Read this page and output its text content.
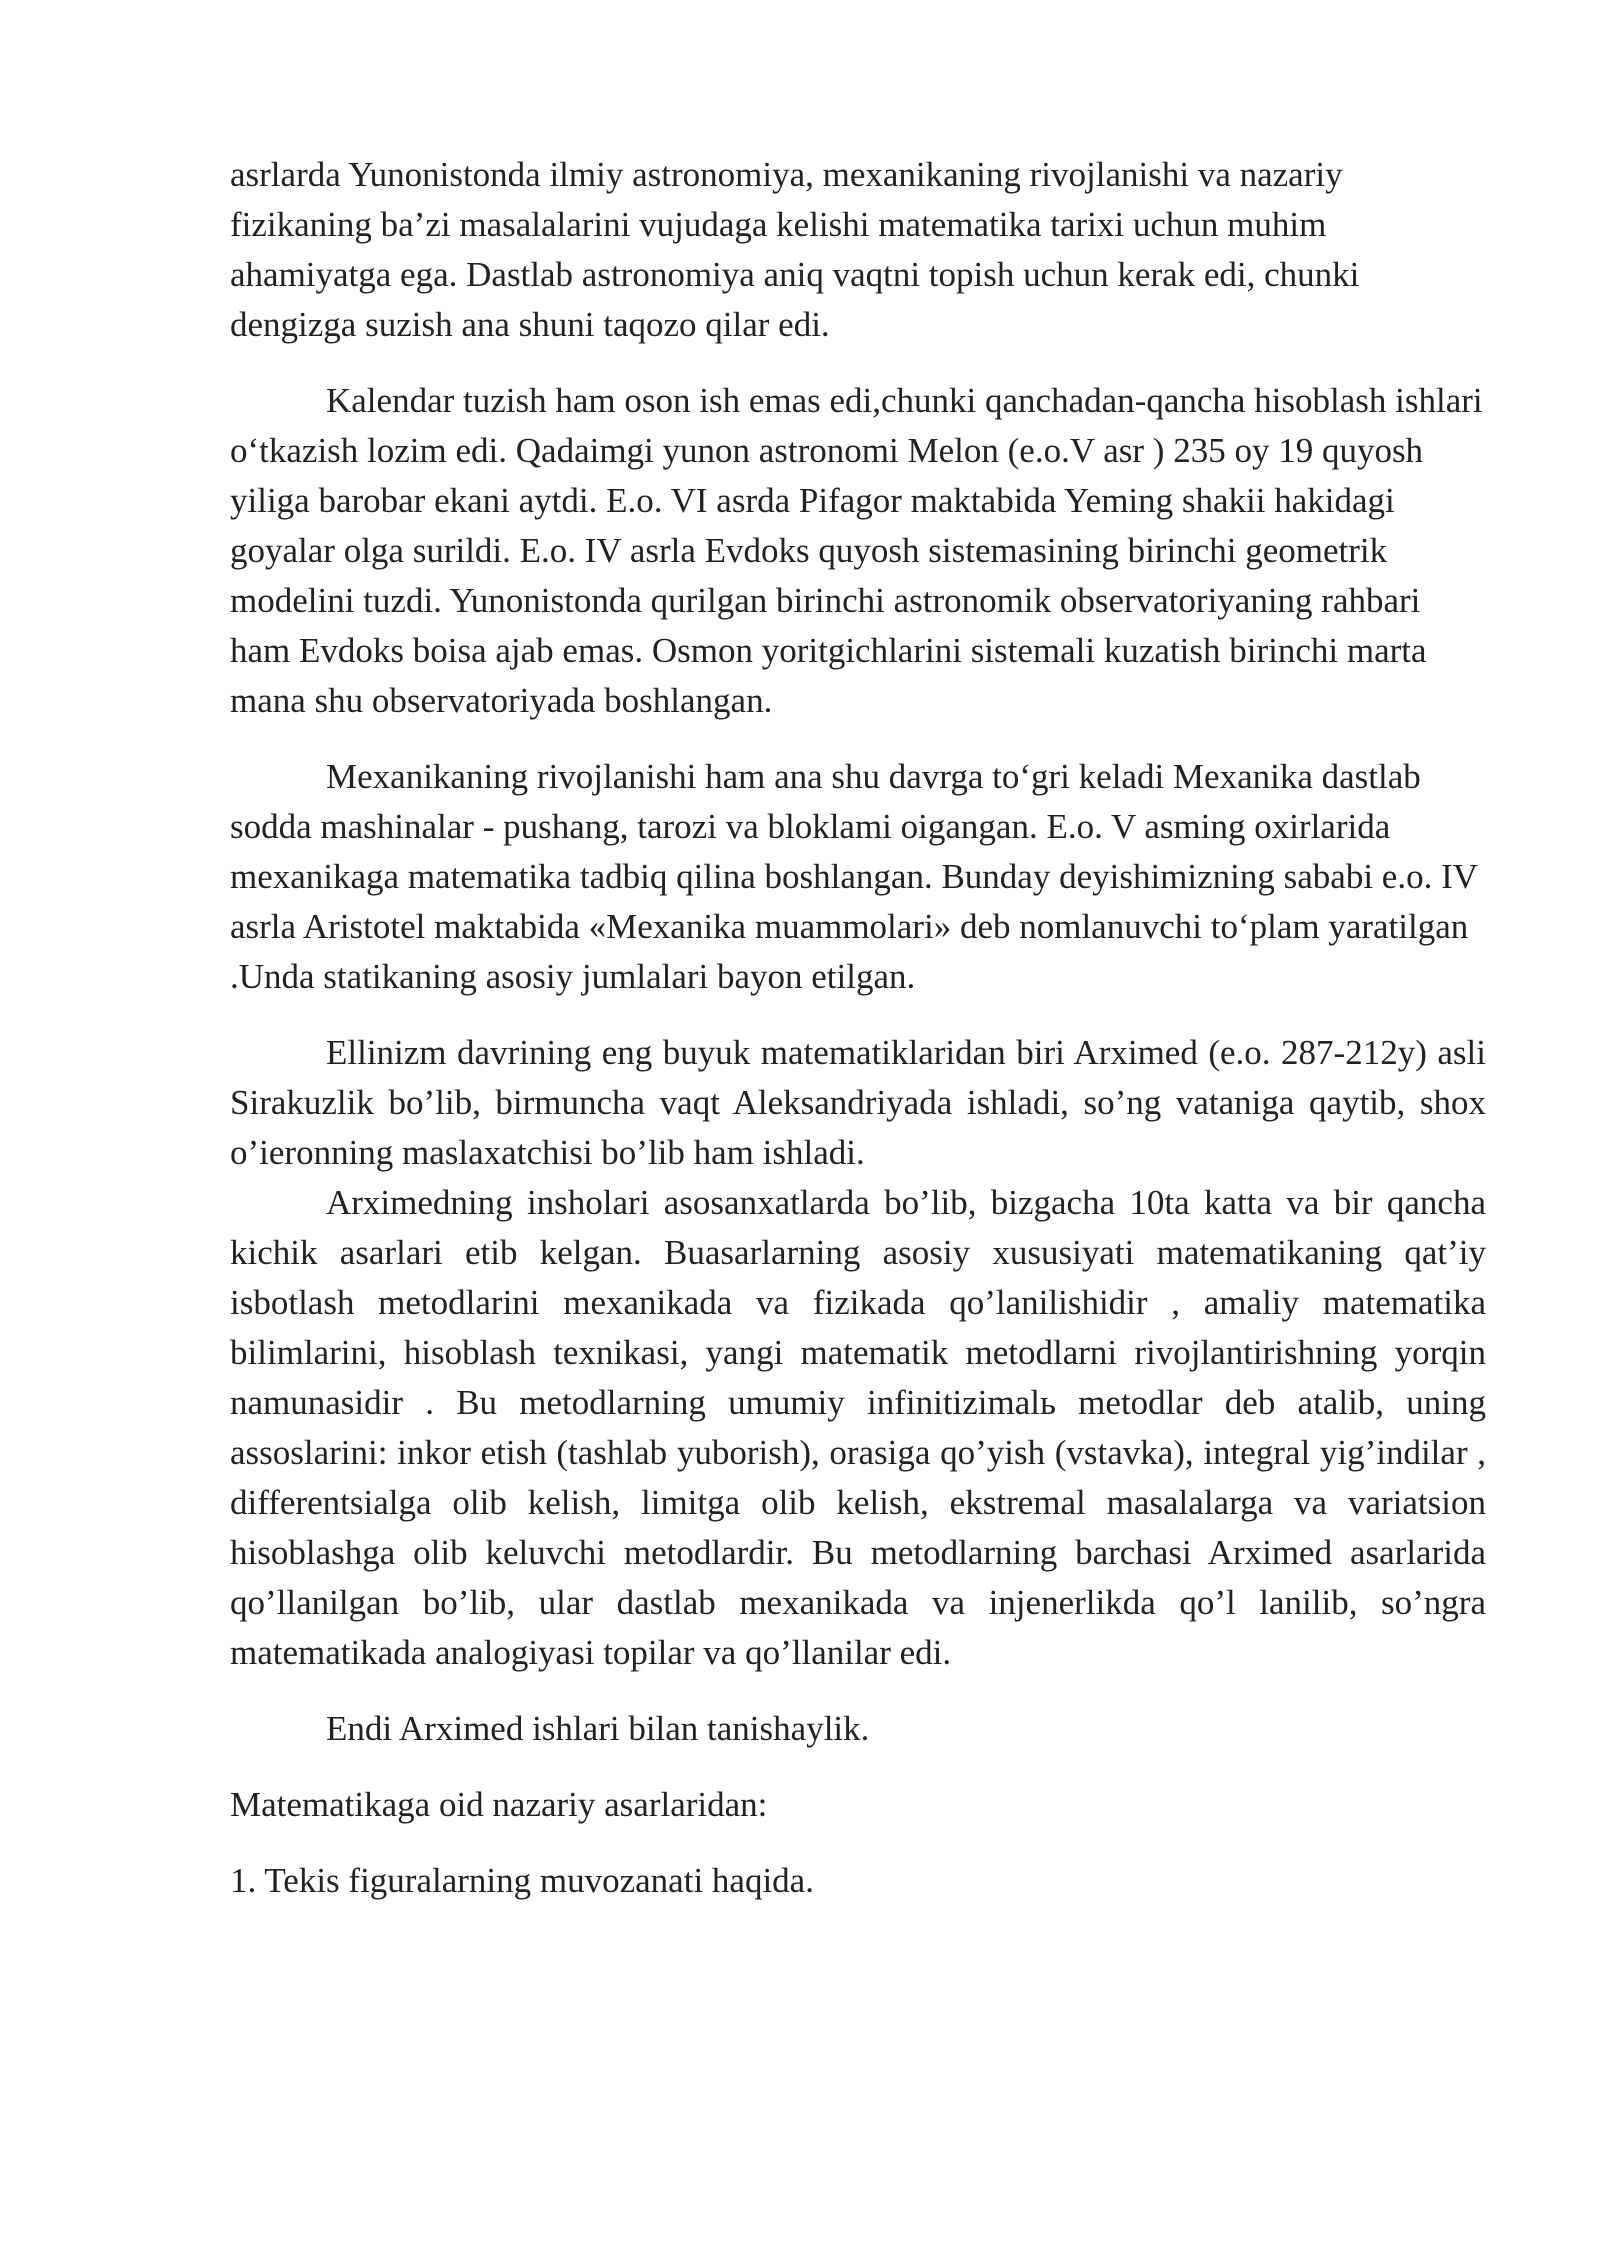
asrlarda Yunonistonda ilmiy astronomiya, mexanikaning rivojlanishi va nazariy fizikaning ba’zi masalalarini vujudaga kelishi matematika tarixi uchun muhim ahamiyatga ega. Dastlab astronomiya aniq vaqtni topish uchun kerak edi, chunki dengizga suzish ana shuni taqozo qilar edi.

Kalendar tuzish ham oson ish emas edi,chunki qanchadan-qancha hisoblash ishlari o‘tkazish lozim edi. Qadaimgi yunon astronomi Melon (e.o.V asr ) 235 oy 19 quyosh yiliga barobar ekani aytdi. E.o. VI asrda Pifagor maktabida Yeming shakii hakidagi goyalar olga surildi. E.o. IV asrla Evdoks quyosh sistemasining birinchi geometrik modelini tuzdi. Yunonistonda qurilgan birinchi astronomik observatoriyaning rahbari ham Evdoks boisa ajab emas. Osmon yoritgichlarini sistemali kuzatish birinchi marta mana shu observatoriyada boshlangan.

Mexanikaning rivojlanishi ham ana shu davrga to‘gri keladi Mexanika dastlab sodda mashinalar - pushang, tarozi va bloklami oigangan. E.o. V asming oxirlarida mexanikaga matematika tadbiq qilina boshlangan. Bunday deyishimizning sababi e.o. IV asrla Aristotel maktabida «Mexanika muammolari» deb nomlanuvchi to‘plam yaratilgan .Unda statikaning asosiy jumlalari bayon etilgan.

Ellinizm davrining eng buyuk matematiklaridan biri Arximed (e.o. 287-212y) asli Sirakuzlik bo’lib, birmuncha vaqt Aleksandriyada ishladi, so’ng vataniga qaytib, shox o’ieronning maslaxatchisi bo’lib ham ishladi.

Arximedning insholari asosanxatlarda bo’lib, bizgacha 10ta katta va bir qancha kichik asarlari etib kelgan. Buasarlarning asosiy xususiyati matematikaning qat’iy isbotlash metodlarini mexanikada va fizikada qo’lanilishidir , amaliy matematika bilimlarini, hisoblash texnikasi, yangi matematik metodlarni rivojlantirishning yorqin namunasidir . Bu metodlarning umumiy infinitizimalь metodlar deb atalib, uning assoslarini: inkor etish (tashlab yuborish), orasiga qo’yish (vstavka), integral yig’indilar , differentsialga olib kelish, limitga olib kelish, ekstremal masalalarga va variatsion hisoblashga olib keluvchi metodlardir. Bu metodlarning barchasi Arximed asarlarida qo’llanilgan bo’lib, ular dastlab mexanikada va injenerlikda qo’l lanilib, so’ngra matematikada analogiyasi topilar va qo’llanilar edi.

Endi Arximed ishlari bilan tanishaylik.

Matematikaga oid nazariy asarlaridan:

1. Tekis figuralarning muvozanati haqida.
